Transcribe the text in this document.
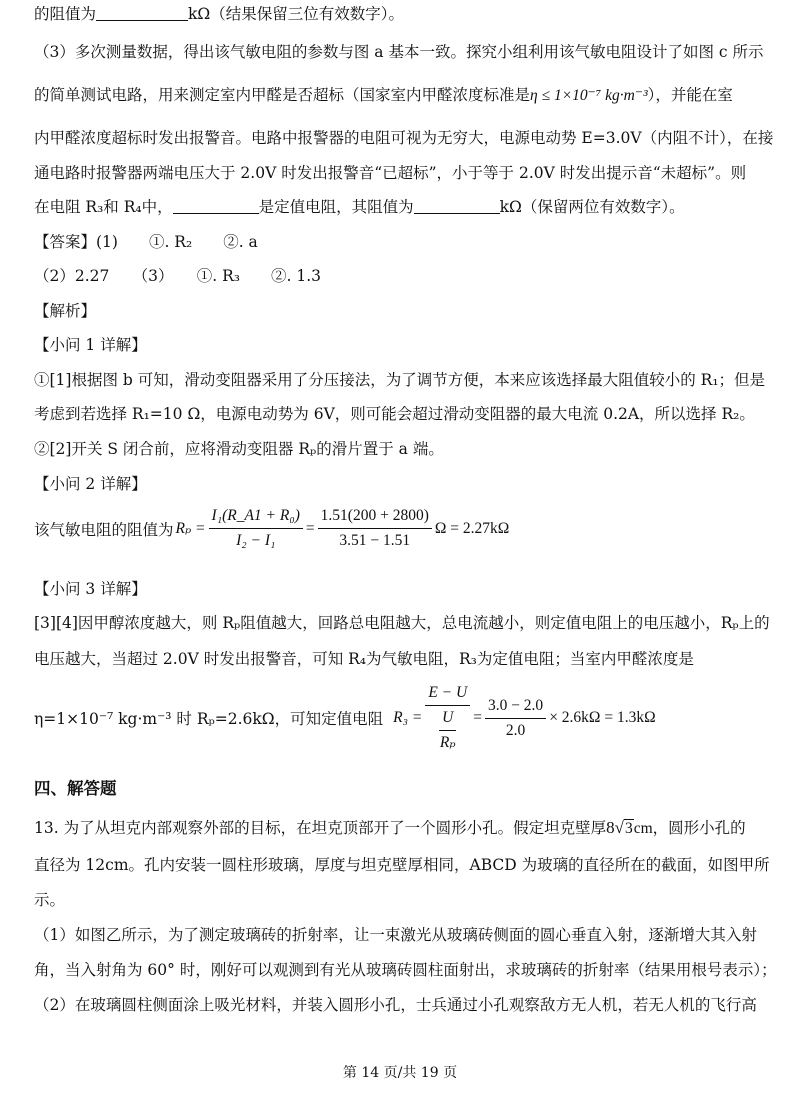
的阻值为	kΩ（结果保留三位有效数字）。
（3）多次测量数据，得出该气敏电阻的参数与图 a 基本一致。探究小组利用该气敏电阻设计了如图 c 所示
的简单测试电路，用来测定室内甲醛是否超标（国家室内甲醛浓度标准是η ≤ 1×10⁻⁷ kg·m⁻³），并能在室
内甲醛浓度超标时发出报警音。电路中报警器的电阻可视为无穷大，电源电动势 E=3.0V（内阻不计），在接
通电路时报警器两端电压大于 2.0V 时发出报警音“已超标”，小于等于 2.0V 时发出提示音“未超标”。则
在电阻 R₃和 R₄中，	是定值电阻，其阻值为	kΩ（保留两位有效数字）。
【答案】(1)　　①. R₂　　②. a
（2）2.27　　（3）　　①. R₃　　②. 1.3
【解析】
【小问 1 详解】
①[1]根据图 b 可知，滑动变阻器采用了分压接法，为了调节方便，本来应该选择最大阻值较小的 R₁；但是
考虑到若选择 R₁=10 Ω，电源电动势为 6V，则可能会超过滑动变阻器的最大电流 0.2A，所以选择 R₂。
②[2]开关 S 闭合前，应将滑动变阻器 Rₚ的滑片置于 a 端。
【小问 2 详解】
该气敏电阻的阻值为 $R_p = \frac{\text{I₁(R\_A1 + R₀)}}{\text{I₂ − I₁}} = \frac{1.51(200 + 2800)}{3.51 - 1.51}$ Ω = 2.27kΩ
【小问 3 详解】
[3][4]因甲醇浓度越大，则 Rₚ阻值越大，回路总电阻越大，总电流越小，则定值电阻上的电压越小，Rₚ上的
电压越大，当超过 2.0V 时发出报警音，可知 R₄为气敏电阻，R₃为定值电阻；当室内甲醛浓度是
η=1×10⁻⁷ kg·m⁻³ 时 Rₚ=2.6kΩ，可知定值电阻 $R_3 = \frac{E - U}{\frac{U}{\text{Rₚ}}} = \frac{3.0 - 2.0}{2.0} \times 2.6k\Omega = 1.3k\Omega$
四、解答题
13. 为了从坦克内部观察外部的目标，在坦克顶部开了一个圆形小孔。假定坦克壁厚8√3cm，圆形小孔的
直径为 12cm。孔内安装一圆柱形玻璃，厚度与坦克壁厚相同，ABCD 为玻璃的直径所在的截面，如图甲所
示。
（1）如图乙所示，为了测定玻璃砖的折射率，让一束激光从玻璃砖侧面的圆心垂直入射，逐渐增大其入射
角，当入射角为 60° 时，刚好可以观测到有光从玻璃砖圆柱面射出，求玻璃砖的折射率（结果用根号表示）；
（2）在玻璃圆柱侧面涂上吸光材料，并装入圆形小孔，士兵通过小孔观察敌方无人机，若无人机的飞行高
第 14 页/共 19 页
